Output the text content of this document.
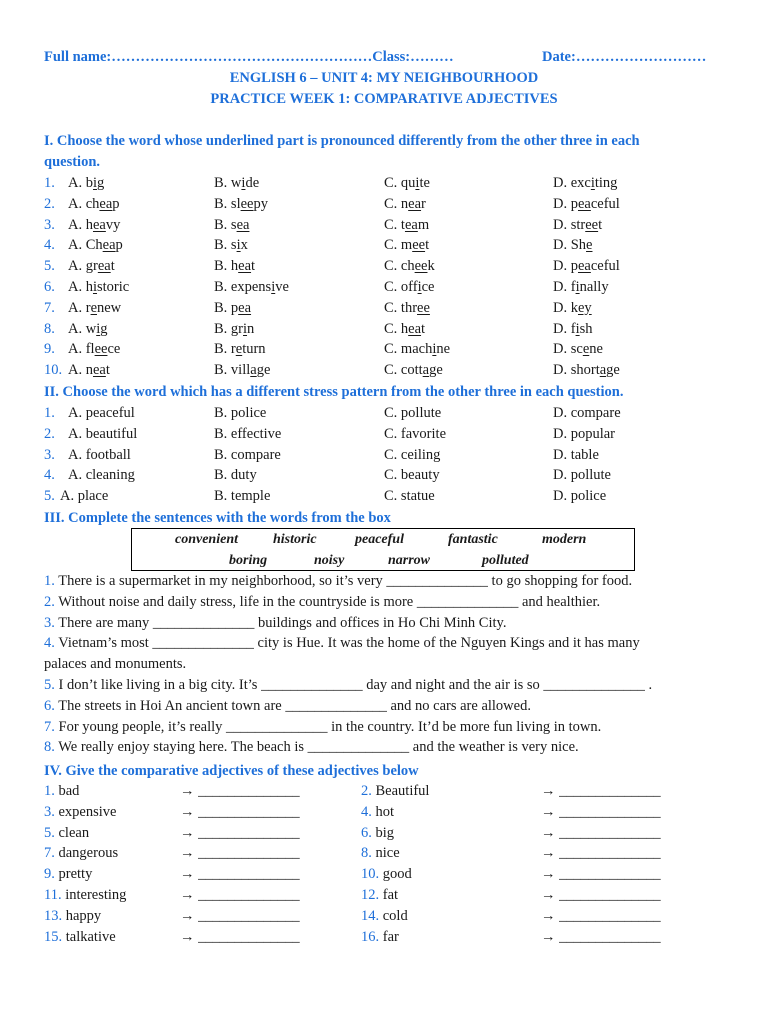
Full name:………………………………………………Class:………	Date:………………………
ENGLISH 6 – UNIT 4: MY NEIGHBOURHOOD
PRACTICE WEEK 1: COMPARATIVE ADJECTIVES
I. Choose the word whose underlined part is pronounced differently from the other three in each
question.
1. A. big	B. wide	C. quite	D. exciting
2. A. cheap	B. sleepy	C. near	D. peaceful
3. A. heavy	B. sea	C. team	D. street
4. A. Cheap	B. six	C. meet	D. She
5. A. great	B. heat	C. cheek	D. peaceful
6. A. historic	B. expensive	C. office	D. finally
7. A. renew	B. pea	C. three	D. key
8. A. wig	B. grin	C. heat	D. fish
9. A. fleece	B. return	C. machine	D. scene
10. A. neat	B. village	C. cottage	D. shortage
II. Choose the word which has a different stress pattern from the other three in each question.
1. A. peaceful	B. police	C. pollute	D. compare
2. A. beautiful	B. effective	C. favorite	D. popular
3. A. football	B. compare	C. ceiling	D. table
4. A. cleaning	B. duty	C. beauty	D. pollute
5. A. place	B. temple	C. statue	D. police
III. Complete the sentences with the words from the box
convenient	historic	peaceful	fantastic	modern
boring	noisy	narrow	polluted
1. There is a supermarket in my neighborhood, so it’s very ______________ to go shopping for food.
2. Without noise and daily stress, life in the countryside is more ______________ and healthier.
3. There are many ______________ buildings and offices in Ho Chi Minh City.
4. Vietnam’s most ______________ city is Hue. It was the home of the Nguyen Kings and it has many
palaces and monuments.
5. I don’t like living in a big city. It’s ______________ day and night and the air is so ______________ .
6. The streets in Hoi An ancient town are ______________ and no cars are allowed.
7. For young people, it’s really ______________ in the country. It’d be more fun living in town.
8. We really enjoy staying here. The beach is ______________ and the weather is very nice.
IV. Give the comparative adjectives of these adjectives below
1. bad	→ ______________	2. Beautiful	→ ______________
3. expensive	→ ______________	4. hot	→ ______________
5. clean	→ ______________	6. big	→ ______________
7. dangerous	→ ______________	8. nice	→ ______________
9. pretty	→ ______________	10. good	→ ______________
11. interesting	→ ______________	12. fat	→ ______________
13. happy	→ ______________	14. cold	→ ______________
15. talkative	→ ______________	16. far	→ ______________
